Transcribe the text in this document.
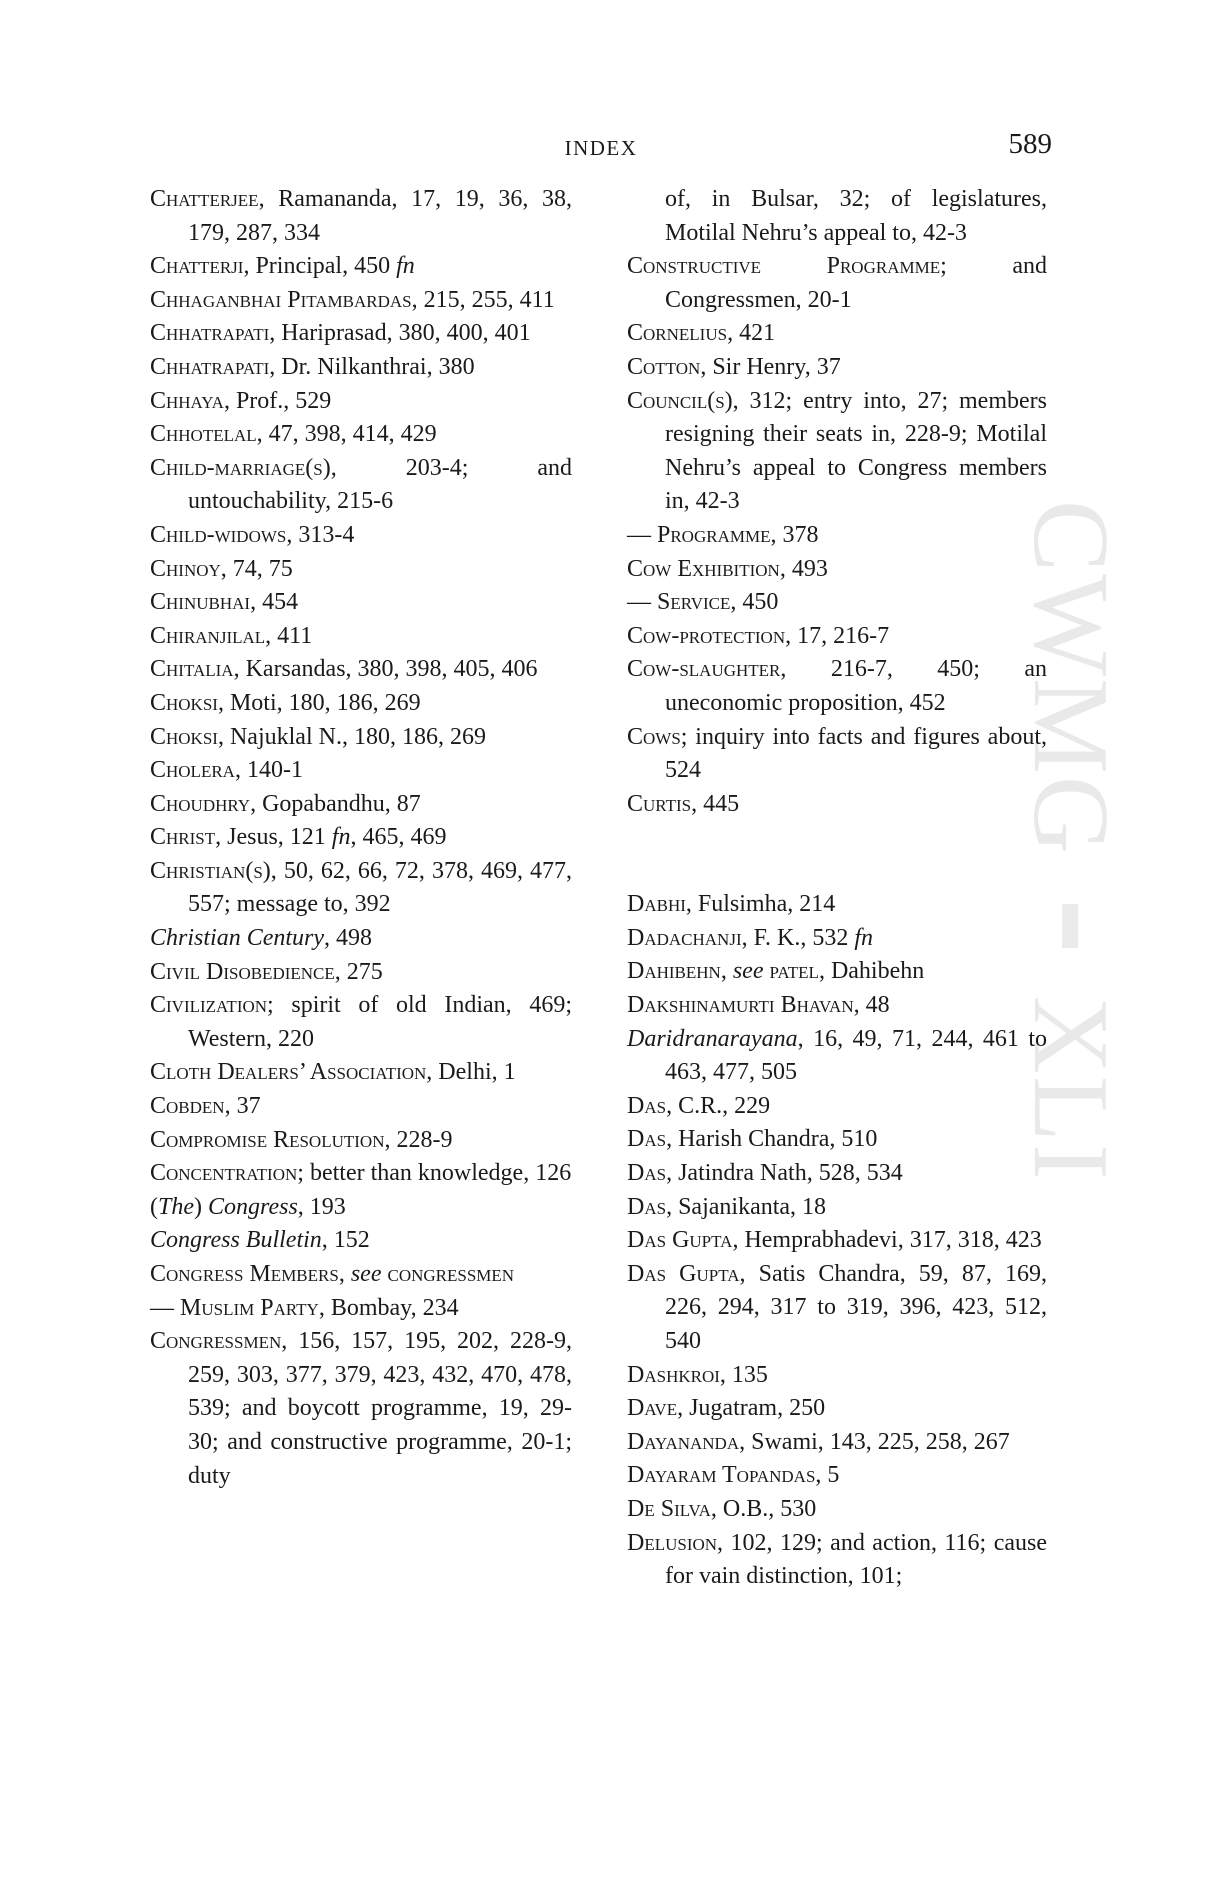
INDEX	589
CWMG
XLI
Chatterjee, Ramananda, 17, 19, 36, 38, 179, 287, 334
Chatterji, Principal, 450 fn
Chhaganbhai Pitambardas, 215, 255, 411
Chhatrapati, Hariprasad, 380, 400, 401
Chhatrapati, Dr. Nilkanthrai, 380
Chhaya, Prof., 529
Chhotelal, 47, 398, 414, 429
Child-marriage(s), 203-4; and untouchability, 215-6
Child-widows, 313-4
Chinoy, 74, 75
Chinubhai, 454
Chiranjilal, 411
Chitalia, Karsandas, 380, 398, 405, 406
Choksi, Moti, 180, 186, 269
Choksi, Najuklal N., 180, 186, 269
Cholera, 140-1
Choudhry, Gopabandhu, 87
Christ, Jesus, 121 fn, 465, 469
Christian(s), 50, 62, 66, 72, 378, 469, 477, 557; message to, 392
Christian Century, 498
Civil Disobedience, 275
Civilization; spirit of old Indian, 469; Western, 220
Cloth Dealers’ Association, Delhi, 1
Cobden, 37
Compromise Resolution, 228-9
Concentration; better than knowledge, 126
(The) Congress, 193
Congress Bulletin, 152
Congress Members, see congressmen
— Muslim Party, Bombay, 234
Congressmen, 156, 157, 195, 202, 228-9, 259, 303, 377, 379, 423, 432, 470, 478, 539; and boycott programme, 19, 29-30; and constructive programme, 20-1; duty
of, in Bulsar, 32; of legislatures, Motilal Nehru’s appeal to, 42-3
Constructive Programme; and Congressmen, 20-1
Cornelius, 421
Cotton, Sir Henry, 37
Council(s), 312; entry into, 27; members resigning their seats in, 228-9; Motilal Nehru’s appeal to Congress members in, 42-3
— Programme, 378
Cow Exhibition, 493
— Service, 450
Cow-protection, 17, 216-7
Cow-slaughter, 216-7, 450; an uneconomic proposition, 452
Cows; inquiry into facts and figures about, 524
Curtis, 445
Dabhi, Fulsimha, 214
Dadachanji, F. K., 532 fn
Dahibehn, see patel, Dahibehn
Dakshinamurti Bhavan, 48
Daridranarayana, 16, 49, 71, 244, 461 to 463, 477, 505
Das, C.R., 229
Das, Harish Chandra, 510
Das, Jatindra Nath, 528, 534
Das, Sajanikanta, 18
Das Gupta, Hemprabhadevi, 317, 318, 423
Das Gupta, Satis Chandra, 59, 87, 169, 226, 294, 317 to 319, 396, 423, 512, 540
Dashkroi, 135
Dave, Jugatram, 250
Dayananda, Swami, 143, 225, 258, 267
Dayaram Topandas, 5
De Silva, O.B., 530
Delusion, 102, 129; and action, 116; cause for vain distinction, 101;
